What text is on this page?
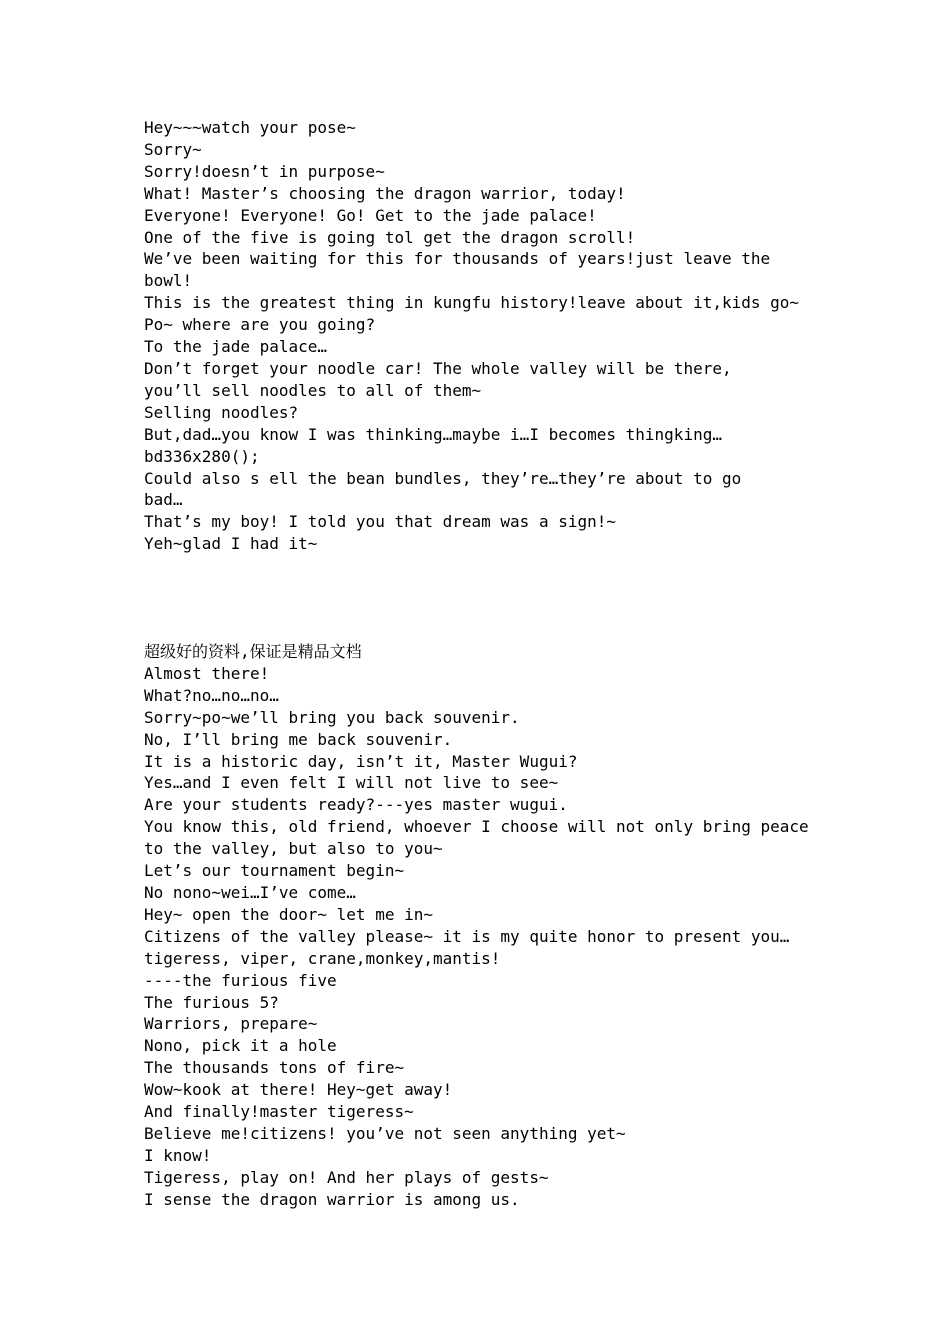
Hey~~~watch your pose~
Sorry~
Sorry!doesn’t in purpose~
What! Master’s choosing the dragon warrior, today!
Everyone! Everyone! Go! Get to the jade palace!
One of the five is going tol get the dragon scroll!
We’ve been waiting for this for thousands of years!just leave the
bowl!
This is the greatest thing in kungfu history!leave about it,kids go~
Po~ where are you going?
To the jade palace…
Don’t forget your noodle car! The whole valley will be there,
you’ll sell noodles to all of them~
Selling noodles?
But,dad…you know I was thinking…maybe i…I becomes thingking…
bd336x280();
Could also s ell the bean bundles, they’re…they’re about to go
bad…
That’s my boy! I told you that dream was a sign!~
Yeh~glad I had it~
超级好的资料,保证是精品文档
Almost there!
What?no…no…no…
Sorry~po~we’ll bring you back souvenir.
No, I’ll bring me back souvenir.
It is a historic day, isn’t it, Master Wugui?
Yes…and I even felt I will not live to see~
Are your students ready?---yes master wugui.
You know this, old friend, whoever I choose will not only bring peace
to the valley, but also to you~
Let’s our tournament begin~
No nono~wei…I’ve come…
Hey~ open the door~ let me in~
Citizens of the valley please~ it is my quite honor to present you…
tigeress, viper, crane,monkey,mantis!
----the furious five
The furious 5?
Warriors, prepare~
Nono, pick it a hole
The thousands tons of fire~
Wow~kook at there! Hey~get away!
And finally!master tigeress~
Believe me!citizens! you’ve not seen anything yet~
I know!
Tigeress, play on! And her plays of gests~
I sense the dragon warrior is among us.
